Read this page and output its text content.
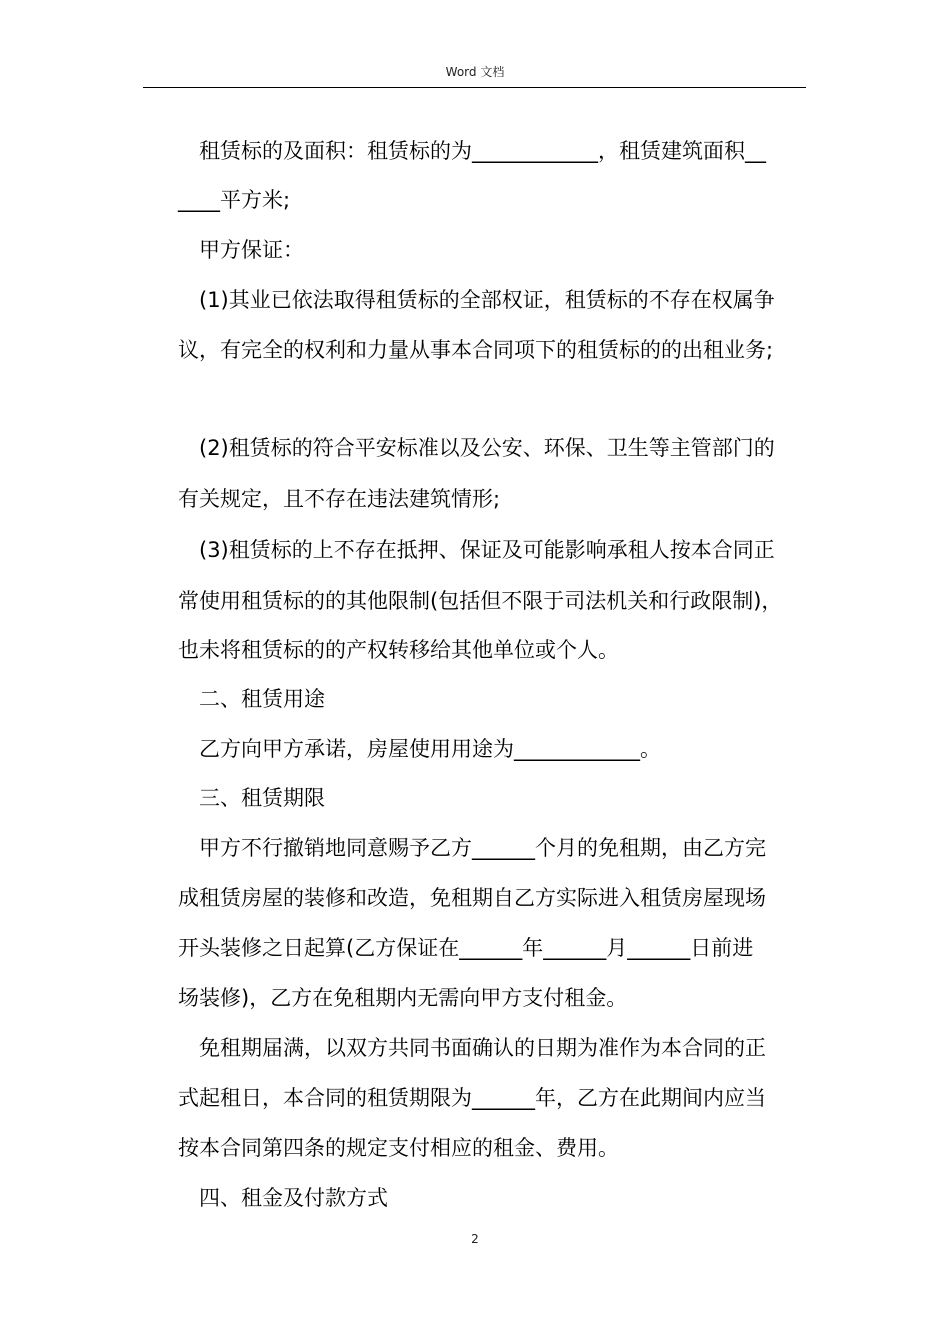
Word 文档
　租赁标的及面积：租赁标的为____________，租赁建筑面积__
____平方米;
　甲方保证：
　(1)其业已依法取得租赁标的全部权证，租赁标的不存在权属争
议，有完全的权利和力量从事本合同项下的租赁标的的出租业务;
　(2)租赁标的符合平安标准以及公安、环保、卫生等主管部门的
有关规定，且不存在违法建筑情形;
　(3)租赁标的上不存在抵押、保证及可能影响承租人按本合同正
常使用租赁标的的其他限制(包括但不限于司法机关和行政限制)，
也未将租赁标的的产权转移给其他单位或个人。
　二、租赁用途
　乙方向甲方承诺，房屋使用用途为____________。
　三、租赁期限
　甲方不行撤销地同意赐予乙方______个月的免租期，由乙方完
成租赁房屋的装修和改造，免租期自乙方实际进入租赁房屋现场
开头装修之日起算(乙方保证在______年______月______日前进
场装修)，乙方在免租期内无需向甲方支付租金。
　免租期届满，以双方共同书面确认的日期为准作为本合同的正
式起租日，本合同的租赁期限为______年，乙方在此期间内应当
按本合同第四条的规定支付相应的租金、费用。
　四、租金及付款方式
2
